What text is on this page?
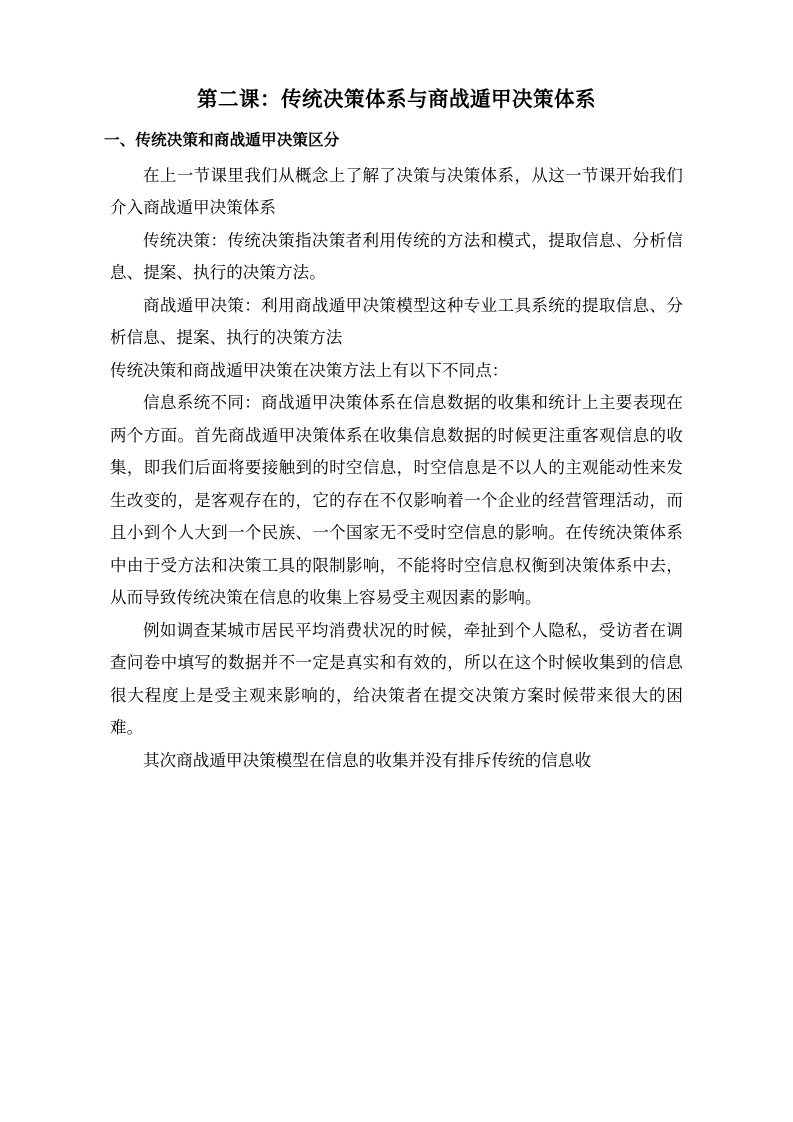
第二课：传统决策体系与商战遁甲决策体系
一、传统决策和商战遁甲决策区分

在上一节课里我们从概念上了解了决策与决策体系，从这一节课开始我们介入商战遁甲决策体系

传统决策：传统决策指决策者利用传统的方法和模式，提取信息、分析信息、提案、执行的决策方法。

商战遁甲决策：利用商战遁甲决策模型这种专业工具系统的提取信息、分析信息、提案、执行的决策方法

传统决策和商战遁甲决策在决策方法上有以下不同点：

信息系统不同：商战遁甲决策体系在信息数据的收集和统计上主要表现在两个方面。首先商战遁甲决策体系在收集信息数据的时候更注重客观信息的收集，即我们后面将要接触到的时空信息，时空信息是不以人的主观能动性来发生改变的，是客观存在的，它的存在不仅影响着一个企业的经营管理活动，而且小到个人大到一个民族、一个国家无不受时空信息的影响。在传统决策体系中由于受方法和决策工具的限制影响，不能将时空信息权衡到决策体系中去，从而导致传统决策在信息的收集上容易受主观因素的影响。

例如调查某城市居民平均消费状况的时候，牵扯到个人隐私，受访者在调查问卷中填写的数据并不一定是真实和有效的，所以在这个时候收集到的信息很大程度上是受主观来影响的，给决策者在提交决策方案时候带来很大的困难。

其次商战遁甲决策模型在信息的收集并没有排斥传统的信息收
